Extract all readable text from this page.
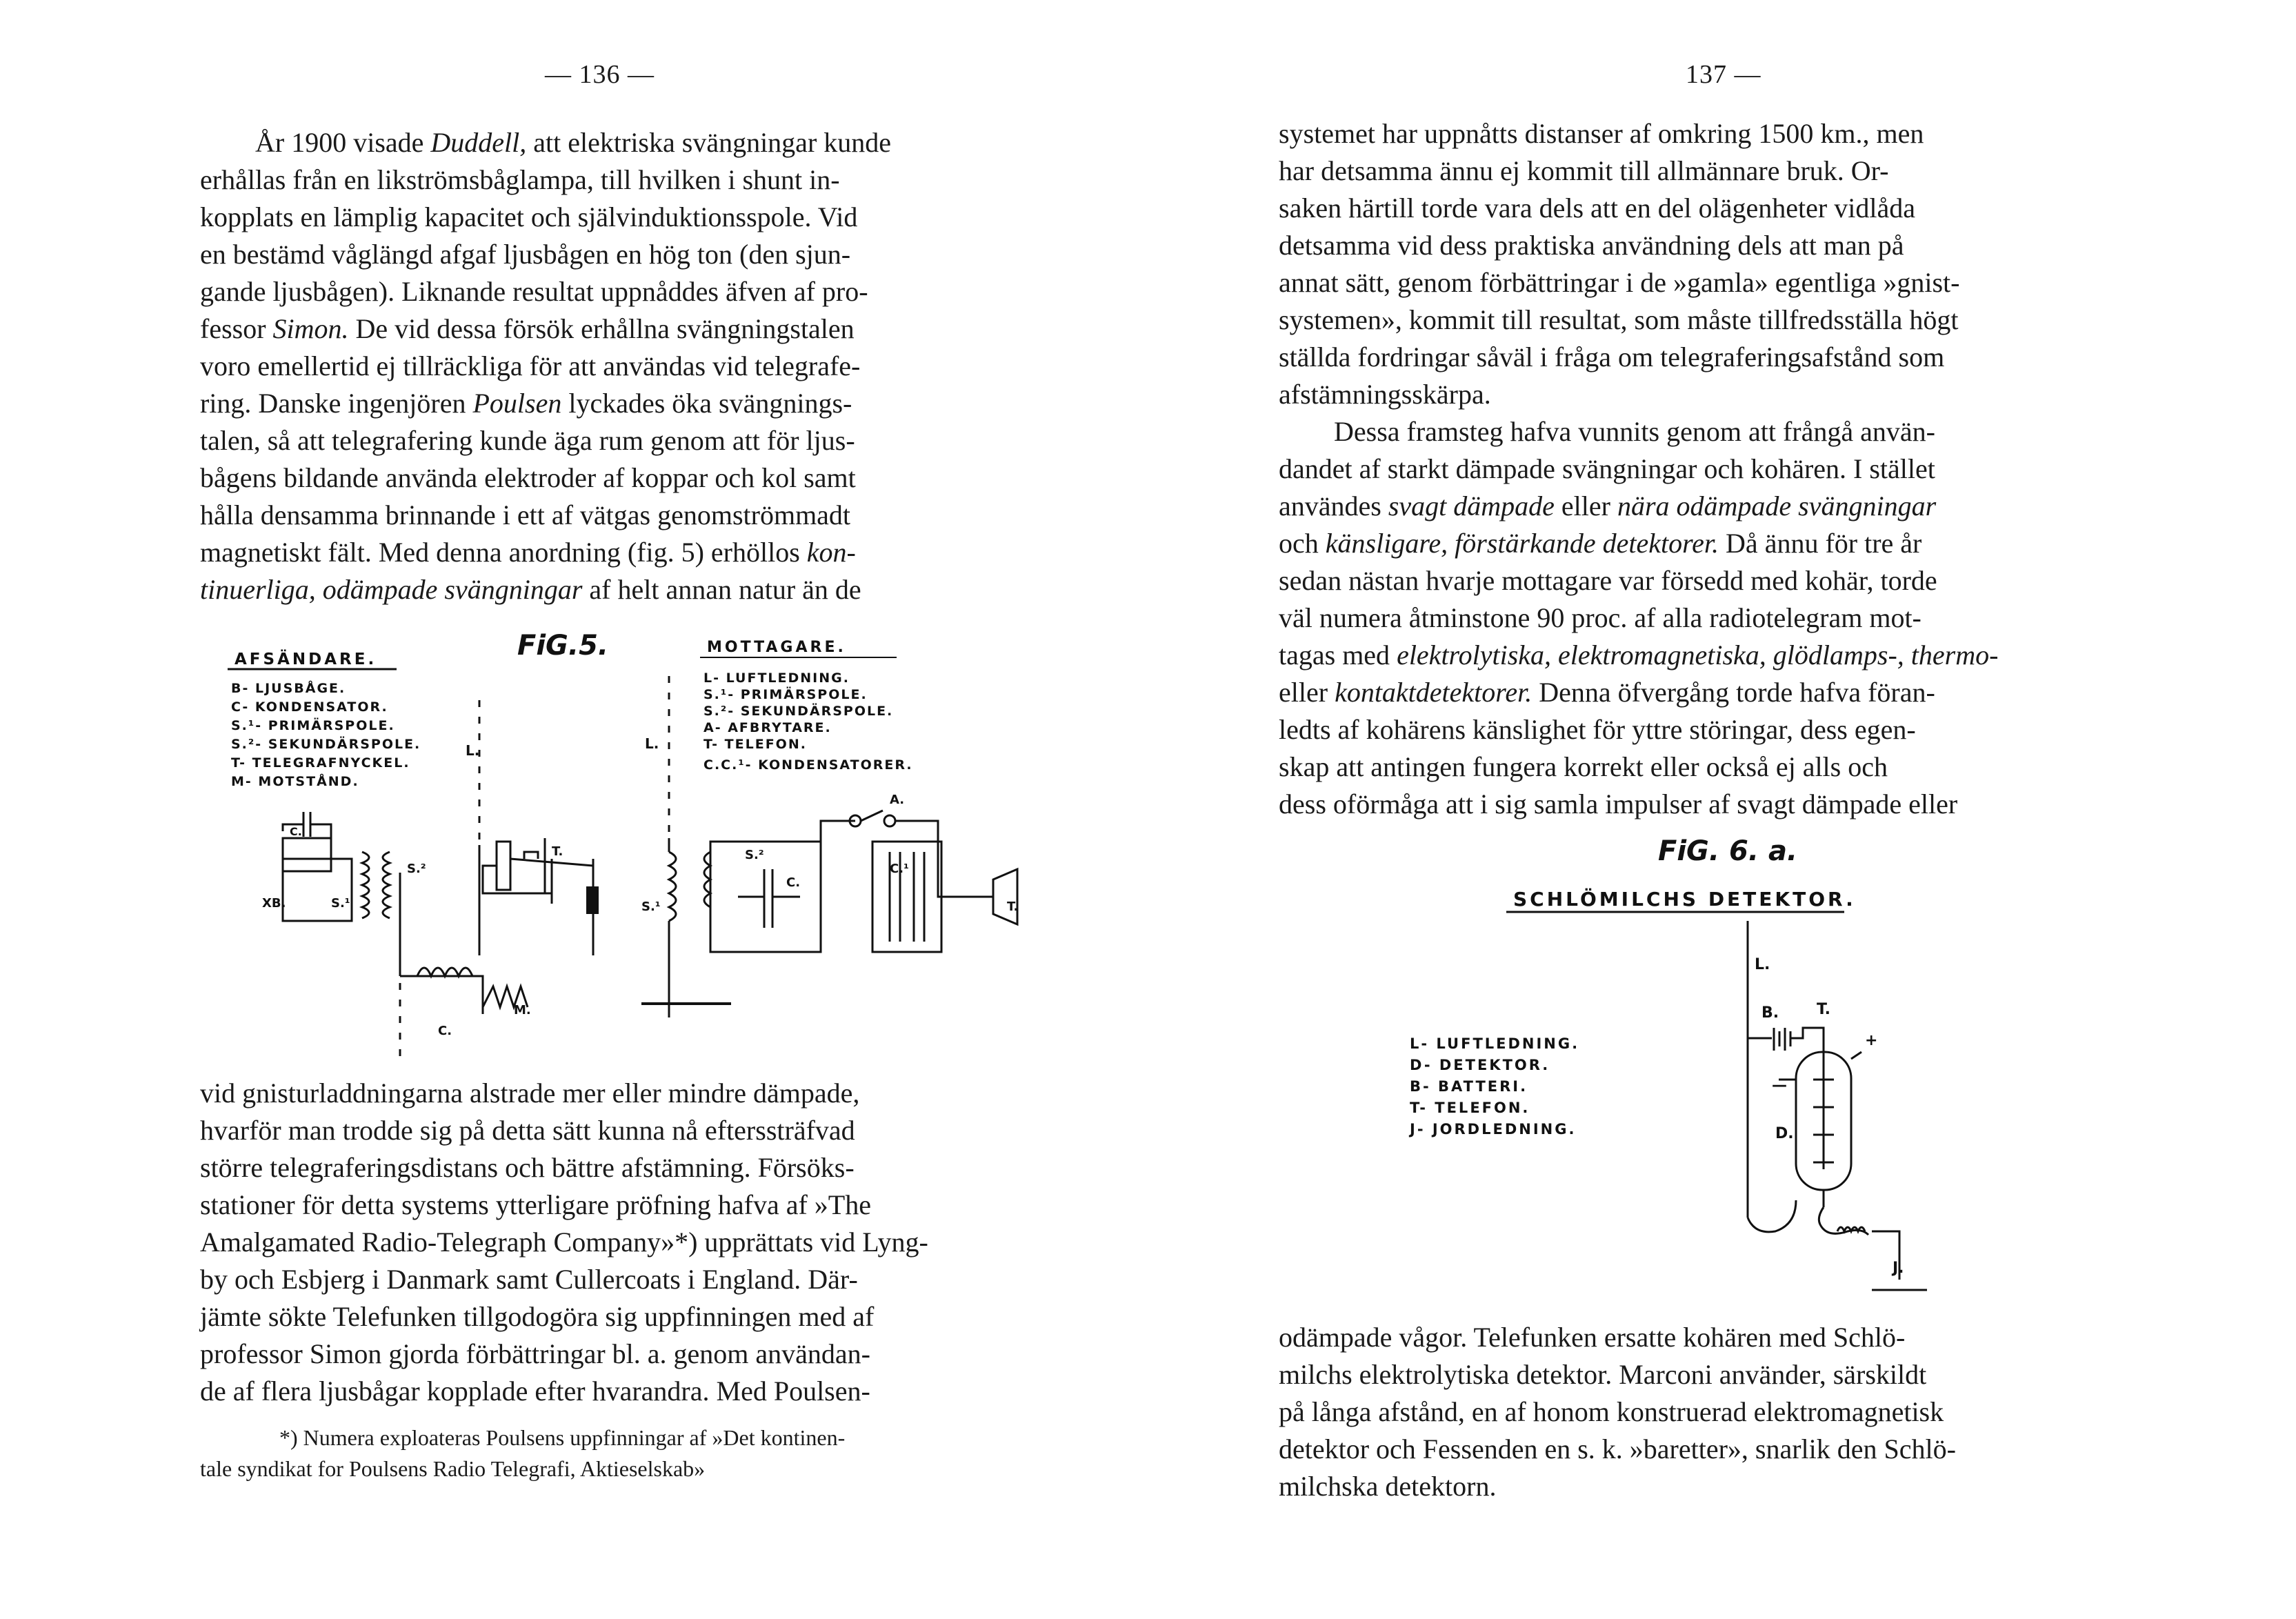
— 136 —
År 1900 visade Duddell, att elektriska svängningar kunde
erhållas från en likströmsbåglampa, till hvilken i shunt in-
kopplats en lämplig kapacitet och självinduktionsspole. Vid
en bestämd våglängd afgaf ljusbågen en hög ton (den sjun-
gande ljusbågen). Liknande resultat uppnåddes äfven af pro-
fessor Simon. De vid dessa försök erhållna svängningstalen
voro emellertid ej tillräckliga för att användas vid telegrafe-
ring. Danske ingenjören Poulsen lyckades öka svängnings-
talen, så att telegrafering kunde äga rum genom att för ljus-
bågens bildande använda elektroder af koppar och kol samt
hålla densamma brinnande i ett af vätgas genomströmmadt
magnetiskt fält. Med denna anordning (fig. 5) erhöllos kon-
tinuerliga, odämpade svängningar af helt annan natur än de
FiG.5.
AFSÄNDARE.
B- LJUSBÅGE.
C- KONDENSATOR.
S.¹- PRIMÄRSPOLE.
S.²- SEKUNDÄRSPOLE.
T- TELEGRAFNYCKEL.
M- MOTSTÅND.
MOTTAGARE.
L- LUFTLEDNING.
S.¹- PRIMÄRSPOLE.
S.²- SEKUNDÄRSPOLE.
A- AFBRYTARE.
T- TELEFON.
C.C.¹- KONDENSATORER.
L.	L.
C.
XB.	S.¹
S.²
T.
M.
C.
S.¹
S.²
C.
C.¹
T.
A.
vid gnisturladdningarna alstrade mer eller mindre dämpade,
hvarför man trodde sig på detta sätt kunna nå efterssträfvad
större telegraferingsdistans och bättre afstämning. Försöks-
stationer för detta systems ytterligare pröfning hafva af »The
Amalgamated Radio-Telegraph Company»*) upprättats vid Lyng-
by och Esbjerg i Danmark samt Cullercoats i England. Där-
jämte sökte Telefunken tillgodogöra sig uppfinningen med af
professor Simon gjorda förbättringar bl. a. genom användan-
de af flera ljusbågar kopplade efter hvarandra. Med Poulsen-
*) Numera exploateras Poulsens uppfinningar af »Det kontinen-
tale syndikat for Poulsens Radio Telegrafi, Aktieselskab»
137 —
systemet har uppnåtts distanser af omkring 1500 km., men
har detsamma ännu ej kommit till allmännare bruk. Or-
saken härtill torde vara dels att en del olägenheter vidlåda
detsamma vid dess praktiska användning dels att man på
annat sätt, genom förbättringar i de »gamla» egentliga »gnist-
systemen», kommit till resultat, som måste tillfredsställa högt
ställda fordringar såväl i fråga om telegraferingsafstånd som
afstämningsskärpa.
Dessa framsteg hafva vunnits genom att frångå använ-
dandet af starkt dämpade svängningar och kohären. I stället
användes svagt dämpade eller nära odämpade svängningar
och känsligare, förstärkande detektorer. Då ännu för tre år
sedan nästan hvarje mottagare var försedd med kohär, torde
väl numera åtminstone 90 proc. af alla radiotelegram mot-
tagas med elektrolytiska, elektromagnetiska, glödlamps-, thermo-
eller kontaktdetektorer. Denna öfvergång torde hafva föran-
ledts af kohärens känslighet för yttre störingar, dess egen-
skap att antingen fungera korrekt eller också ej alls och
dess oförmåga att i sig samla impulser af svagt dämpade eller
FiG. 6. a.
SCHLÖMILCHS DETEKTOR.
L- LUFTLEDNING.
D- DETEKTOR.
B- BATTERI.
T- TELEFON.
J- JORDLEDNING.
L.
B. T.
D.
—
+
J.
odämpade vågor. Telefunken ersatte kohären med Schlö-
milchs elektrolytiska detektor. Marconi använder, särskildt
på långa afstånd, en af honom konstruerad elektromagnetisk
detektor och Fessenden en s. k. »baretter», snarlik den Schlö-
milchska detektorn.
